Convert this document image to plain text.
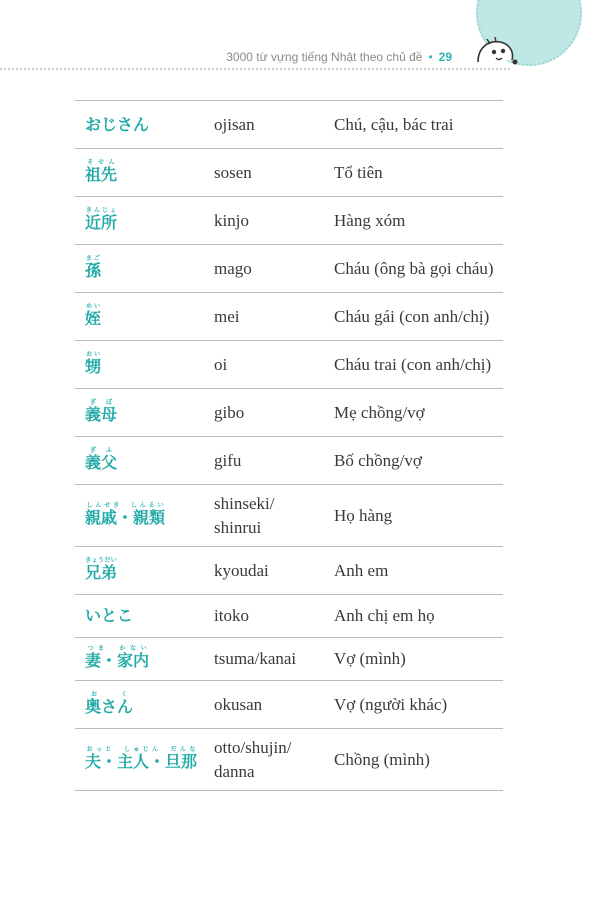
3000 từ vựng tiếng Nhật theo chủ đề • 29
おじさん	ojisan	Chú, cậu, bác trai
祖先そせん	sosen	Tổ tiên
近所きんじょ	kinjo	Hàng xóm
孫まご	mago	Cháu (ông bà gọi cháu)
姪めい	mei	Cháu gái (con anh/chị)
甥おい	oi	Cháu trai (con anh/chị)
義母ぎぼ	gibo	Mẹ chồng/vợ
義父ぎふ	gifu	Bố chồng/vợ
親戚・親類しんせき　しんるい	shinseki/ shinrui	Họ hàng
兄弟きょうだい	kyoudai	Anh em
いとこ	itoko	Anh chị em họ
妻・家内つま　かない	tsuma/kanai	Vợ (mình)
奥さんおく	okusan	Vợ (người khác)
夫・主人・旦那おっと　しゅじん　だんな	otto/shujin/ danna	Chồng (mình)
